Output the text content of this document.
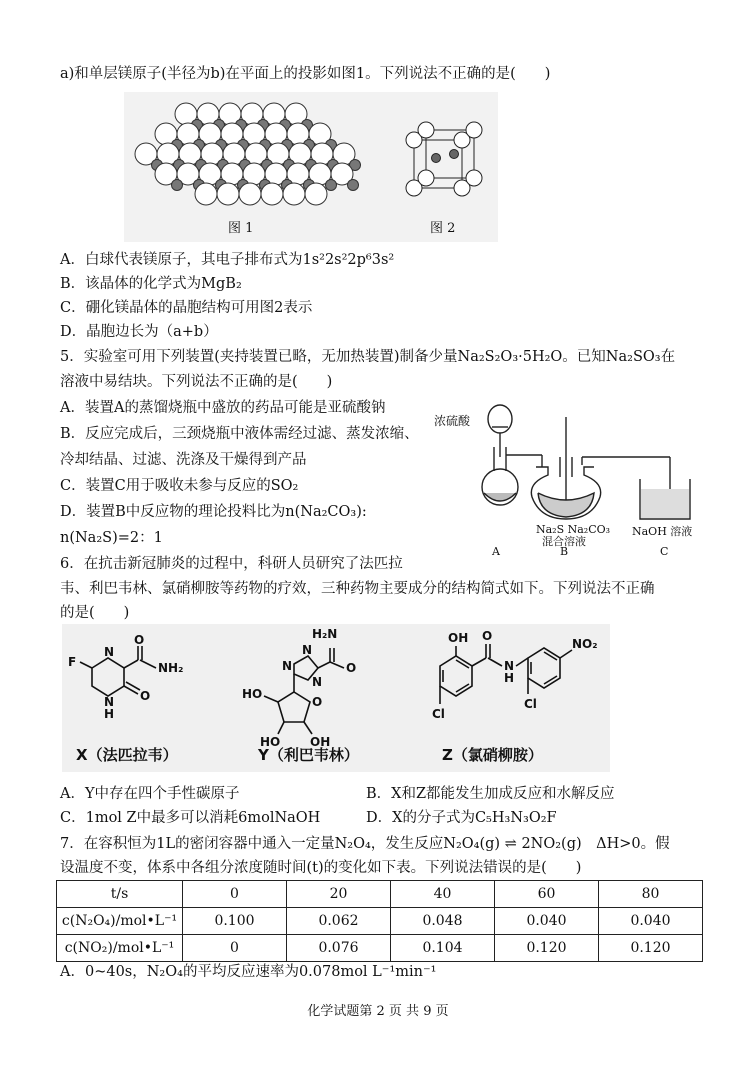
a)和单层镁原子(半径为b)在平面上的投影如图1。下列说法不正确的是(　　)
图 1	图 2
A．白球代表镁原子，其电子排布式为1s²2s²2p⁶3s²
B．该晶体的化学式为MgB₂
C．硼化镁晶体的晶胞结构可用图2表示
D．晶胞边长为（a+b）
5．实验室可用下列装置(夹持装置已略，无加热装置)制备少量Na₂S₂O₃·5H₂O。已知Na₂SO₃在
溶液中易结块。下列说法不正确的是(　　)
A．装置A的蒸馏烧瓶中盛放的药品可能是亚硫酸钠
B．反应完成后，三颈烧瓶中液体需经过滤、蒸发浓缩、
冷却结晶、过滤、洗涤及干燥得到产品
C．装置C用于吸收未参与反应的SO₂
D．装置B中反应物的理论投料比为n(Na₂CO₃):
n(Na₂S)=2：1
浓硫酸
Na₂S Na₂CO₃
混合溶液
NaOH 溶液
A	B	C
6．在抗击新冠肺炎的过程中，科研人员研究了法匹拉
韦、利巴韦林、氯硝柳胺等药物的疗效，三种药物主要成分的结构简式如下。下列说法不正确
的是(　　)
F	NH₂
O
O
N
N
H
H₂N
O
N
N
N
HO
HO OH
O
OH O
NO₂
N
H
Cl
Cl
X（法匹拉韦）	Y（利巴韦林）	Z（氯硝柳胺）
A．Y中存在四个手性碳原子	B．X和Z都能发生加成反应和水解反应
C．1mol Z中最多可以消耗6molNaOH	D．X的分子式为C₅H₃N₃O₂F
7．在容积恒为1L的密闭容器中通入一定量N₂O₄，发生反应N₂O₄(g) ⇌ 2NO₂(g)　ΔH>0。假
设温度不变，体系中各组分浓度随时间(t)的变化如下表。下列说法错误的是(　　)
t/s	0	20	40	60	80
c(N₂O₄)/mol•L⁻¹	0.100	0.062	0.048	0.040	0.040
c(NO₂)/mol•L⁻¹	0	0.076	0.104	0.120	0.120
A．0~40s，N₂O₄的平均反应速率为0.078mol L⁻¹min⁻¹
化学试题第 2 页 共 9 页
